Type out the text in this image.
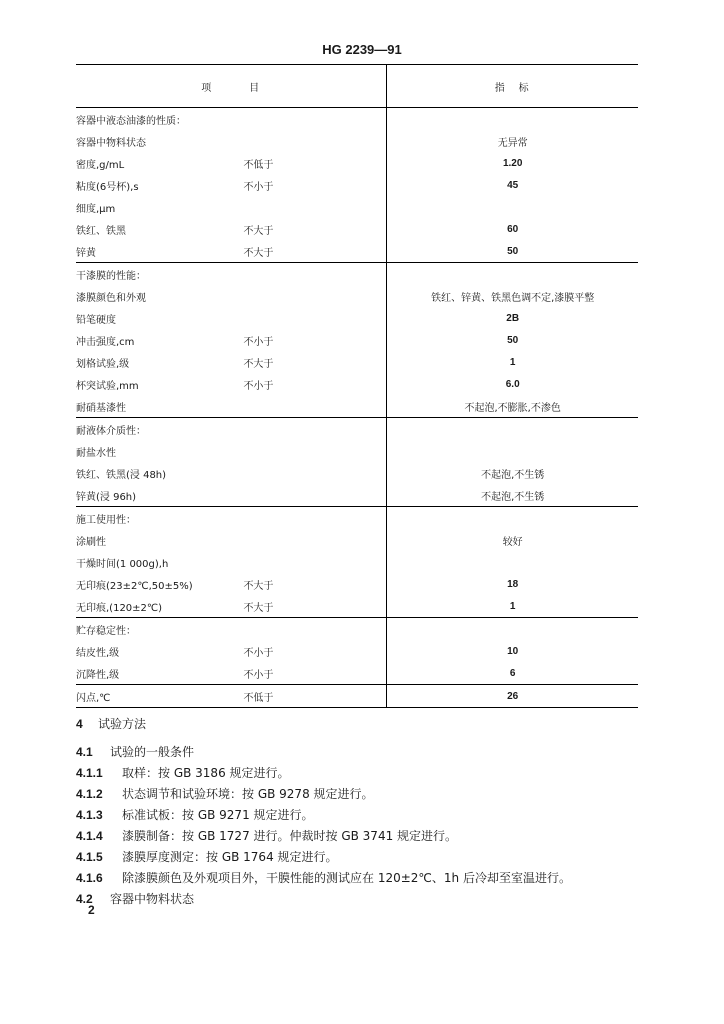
HG 2239—91
项　　　目		指　标
容器中液态油漆的性质：		
容器中物料状态		无异常
密度,g/mL	不低于	1.20
粘度(6号杯),s	不小于	45
细度,μm		
铁红、铁黑	不大于	60
锌黄	不大于	50
干漆膜的性能：		
漆膜颜色和外观		铁红、锌黄、铁黑色调不定,漆膜平整
铅笔硬度		2B
冲击强度,cm	不小于	50
划格试验,级	不大于	1
杯突试验,mm	不小于	6.0
耐硝基漆性		不起泡,不膨胀,不渗色
耐液体介质性：		
耐盐水性		
铁红、铁黑(浸 48h)		不起泡,不生锈
锌黄(浸 96h)		不起泡,不生锈
施工使用性：		
涂刷性		较好
干燥时间(1 000g),h		
无印痕(23±2℃,50±5%)	不大于	18
无印痕,(120±2℃)	不大于	1
贮存稳定性：		
结皮性,级	不小于	10
沉降性,级	不小于	6
闪点,℃	不低于	26
4 试验方法
4.1 试验的一般条件
4.1.1 取样：按 GB 3186 规定进行。
4.1.2 状态调节和试验环境：按 GB 9278 规定进行。
4.1.3 标准试板：按 GB 9271 规定进行。
4.1.4 漆膜制备：按 GB 1727 进行。仲裁时按 GB 3741 规定进行。
4.1.5 漆膜厚度测定：按 GB 1764 规定进行。
4.1.6 除漆膜颜色及外观项目外，干膜性能的测试应在 120±2℃、1h 后冷却至室温进行。
4.2 容器中物料状态
2
